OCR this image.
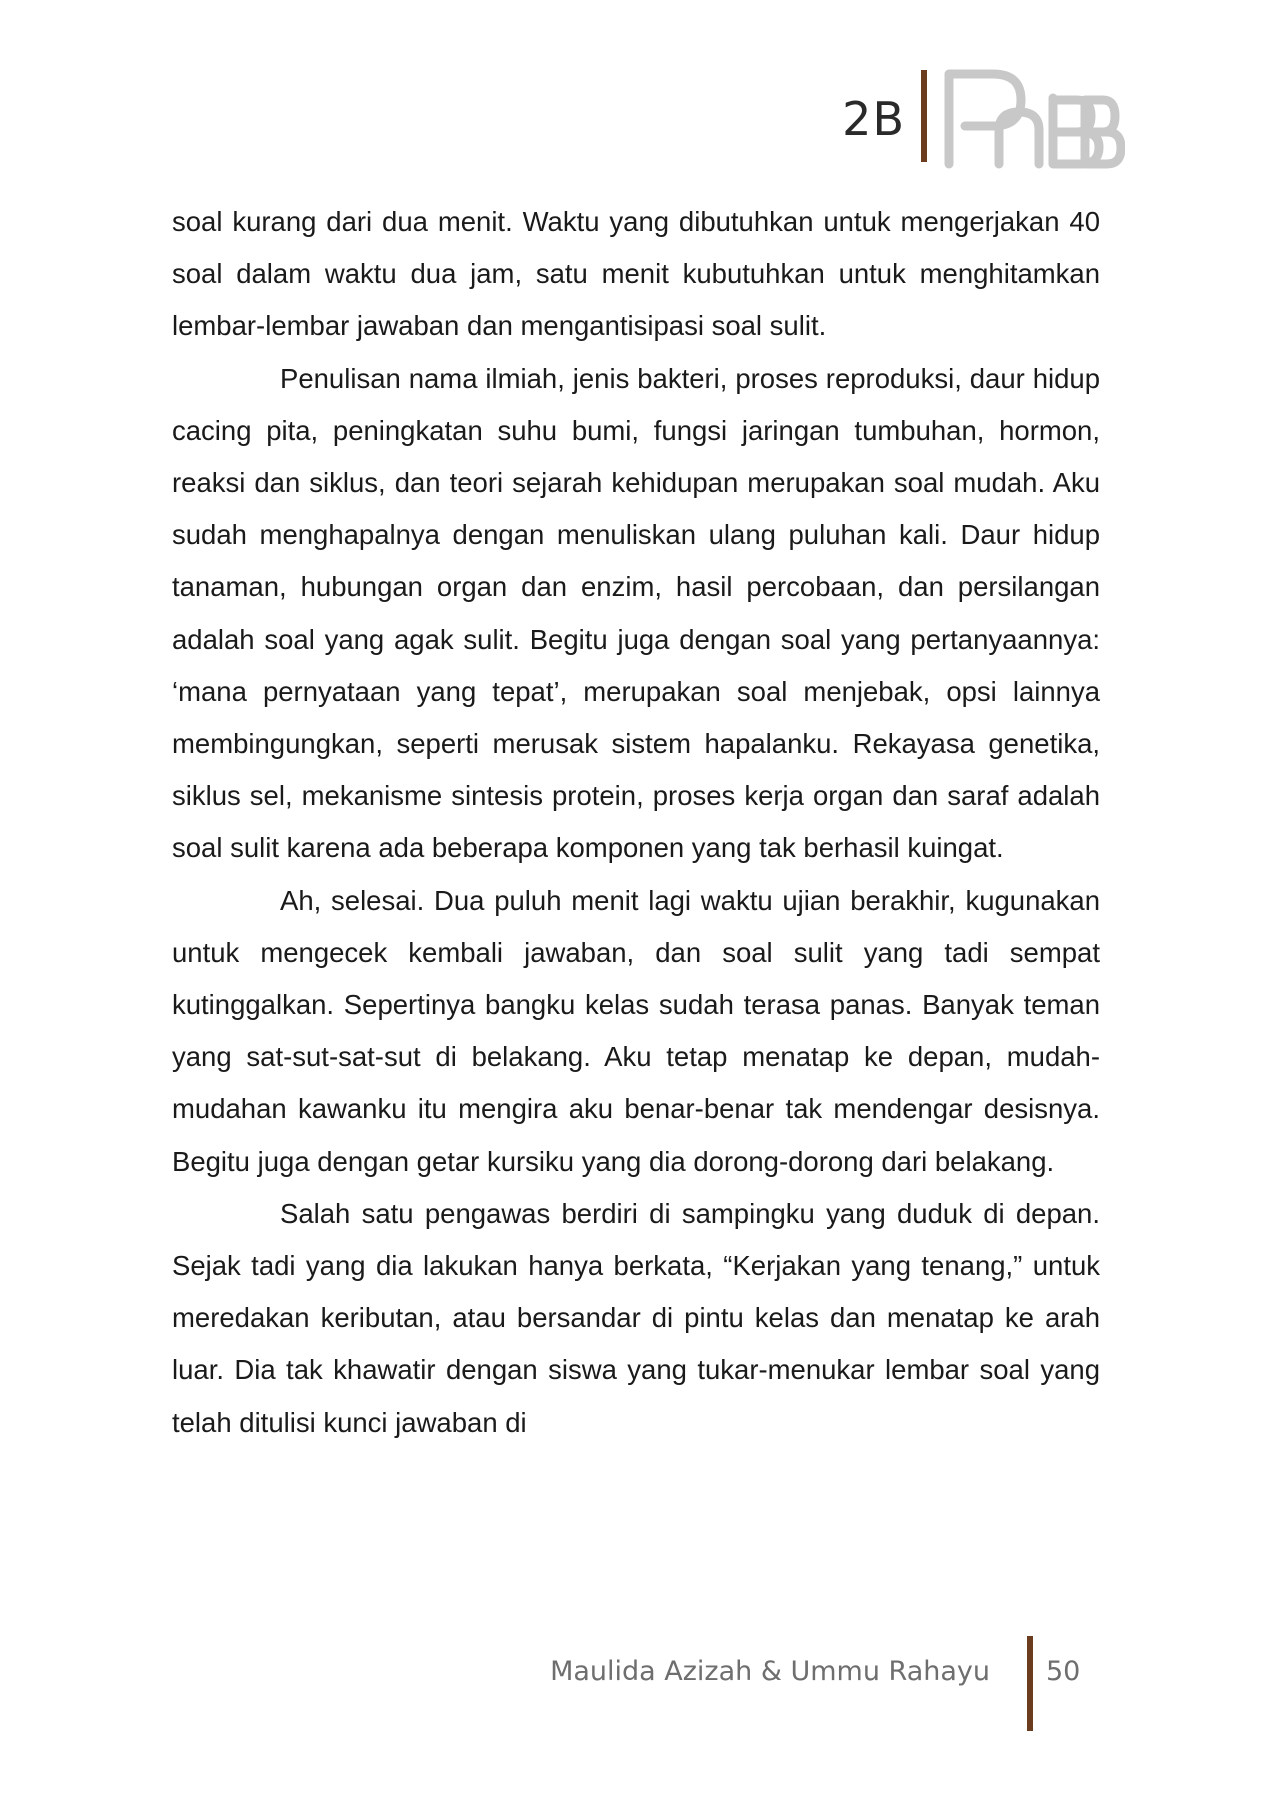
2B

soal kurang dari dua menit. Waktu yang dibutuhkan untuk mengerjakan 40 soal dalam waktu dua jam, satu menit kubutuhkan untuk menghitamkan lembar-lembar jawaban dan mengantisipasi soal sulit.

Penulisan nama ilmiah, jenis bakteri, proses reproduksi, daur hidup cacing pita, peningkatan suhu bumi, fungsi jaringan tumbuhan, hormon, reaksi dan siklus, dan teori sejarah kehidupan merupakan soal mudah. Aku sudah menghapalnya dengan menuliskan ulang puluhan kali. Daur hidup tanaman, hubungan organ dan enzim, hasil percobaan, dan persilangan adalah soal yang agak sulit. Begitu juga dengan soal yang pertanyaannya: ‘mana pernyataan yang tepat’, merupakan soal menjebak, opsi lainnya membingungkan, seperti merusak sistem hapalanku. Rekayasa genetika, siklus sel, mekanisme sintesis protein, proses kerja organ dan saraf adalah soal sulit karena ada beberapa komponen yang tak berhasil kuingat.

Ah, selesai. Dua puluh menit lagi waktu ujian berakhir, kugunakan untuk mengecek kembali jawaban, dan soal sulit yang tadi sempat kutinggalkan. Sepertinya bangku kelas sudah terasa panas. Banyak teman yang sat-sut-sat-sut di belakang. Aku tetap menatap ke depan, mudah-mudahan kawanku itu mengira aku benar-benar tak mendengar desisnya. Begitu juga dengan getar kursiku yang dia dorong-dorong dari belakang.

Salah satu pengawas berdiri di sampingku yang duduk di depan. Sejak tadi yang dia lakukan hanya berkata, “Kerjakan yang tenang,” untuk meredakan keributan, atau bersandar di pintu kelas dan menatap ke arah luar. Dia tak khawatir dengan siswa yang tukar-menukar lembar soal yang telah ditulisi kunci jawaban di

Maulida Azizah & Ummu Rahayu 50
